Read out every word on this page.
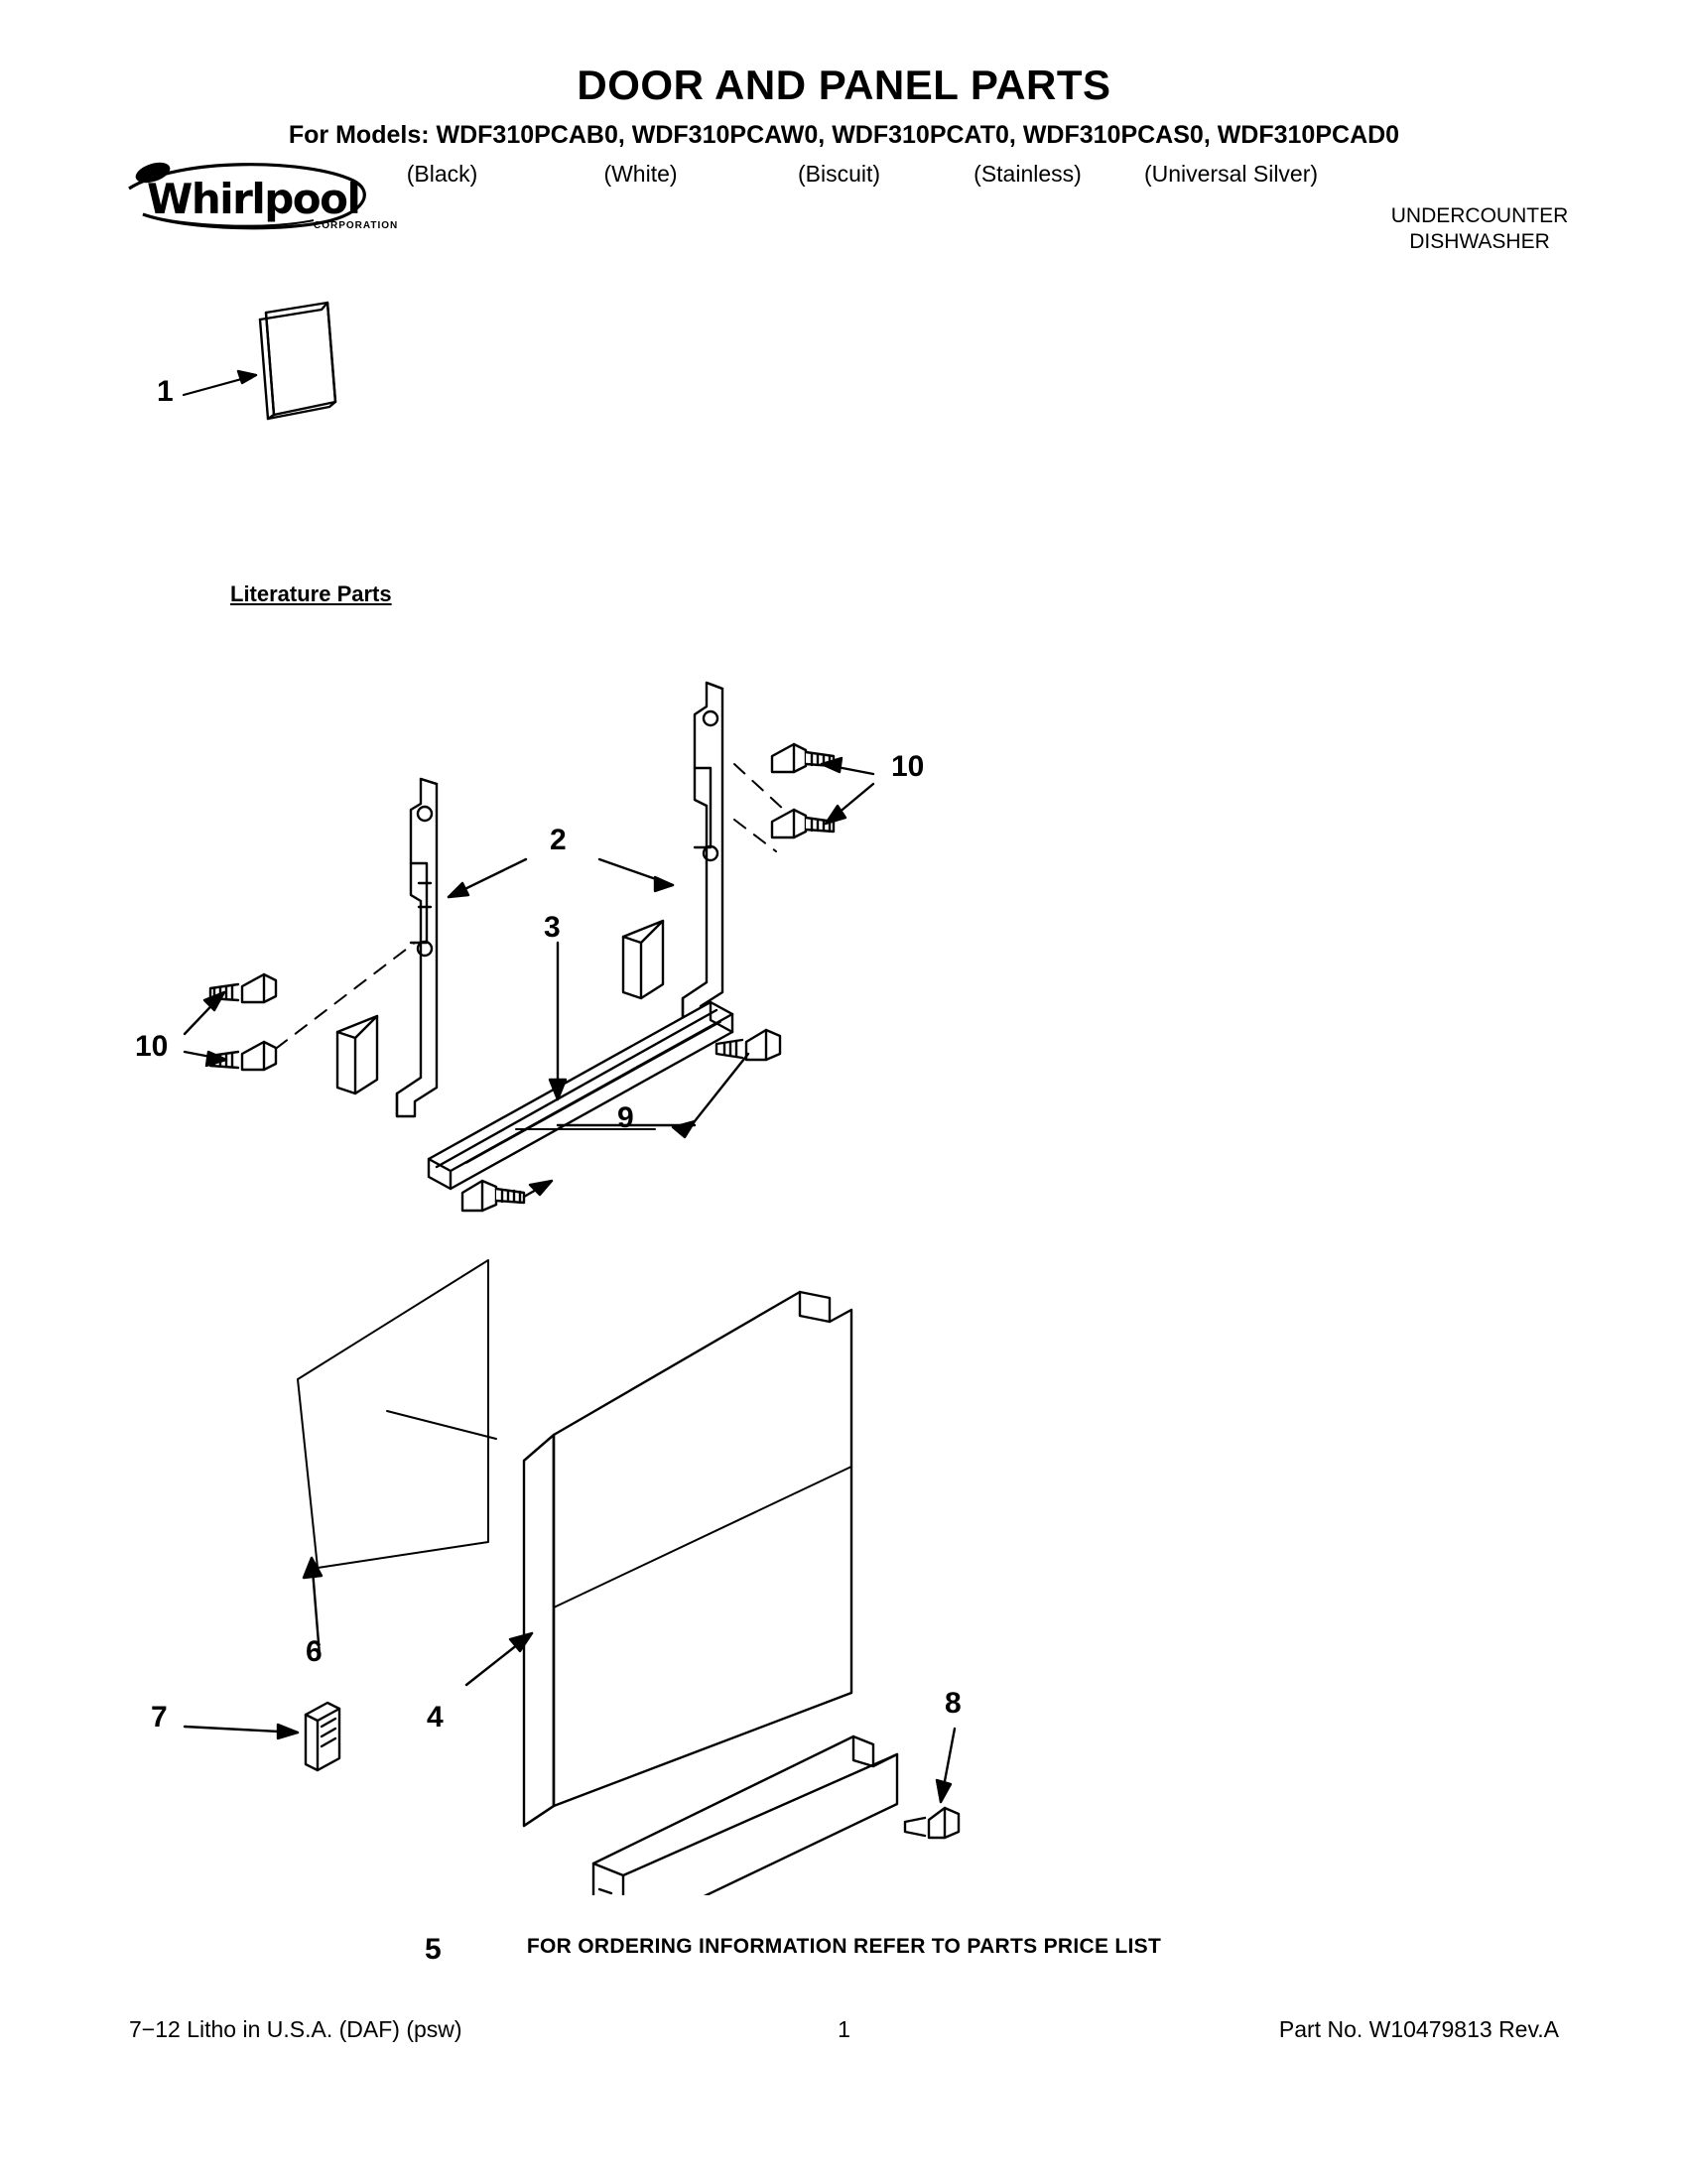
DOOR AND PANEL PARTS
For Models: WDF310PCAB0, WDF310PCAW0, WDF310PCAT0, WDF310PCAS0, WDF310PCAD0
(Black)	(White)	(Biscuit)	(Stainless)	(Universal Silver)
UNDERCOUNTER
DISHWASHER
Whirlpool
CORPORATION
1
Literature Parts
2
3
10
10
9
6
7	4	8
5	FOR ORDERING INFORMATION REFER TO PARTS PRICE LIST
7−12 Litho in U.S.A. (DAF) (psw)	1	Part No. W10479813 Rev.A
